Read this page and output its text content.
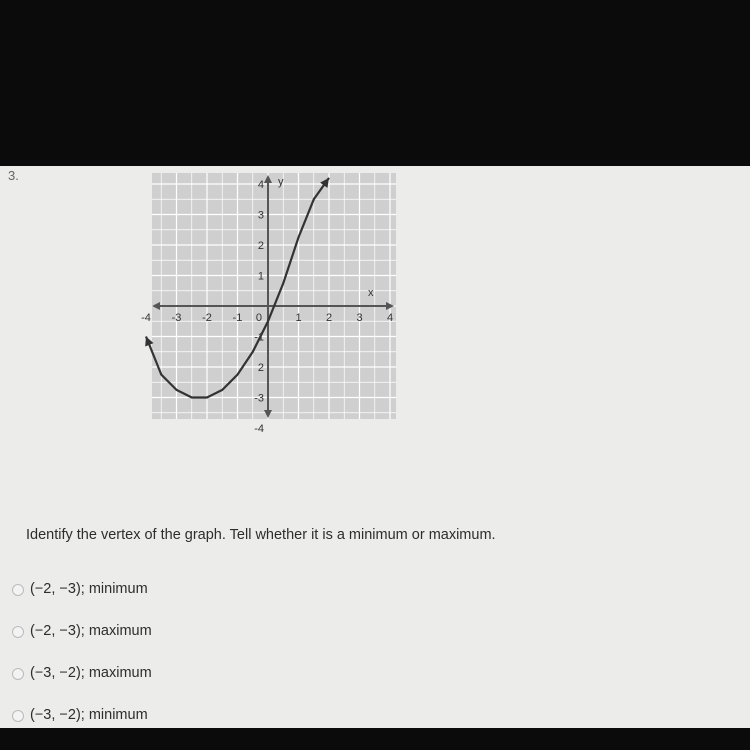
3.
x
y
-4 -3 -2 -1 0	1 2 3 4
4
3
2
1
-1
2
-3
-4
Identify the vertex of the graph. Tell whether it is a minimum or maximum.
(−2, −3); minimum
(−2, −3); maximum
(−3, −2); maximum
(−3, −2); minimum
